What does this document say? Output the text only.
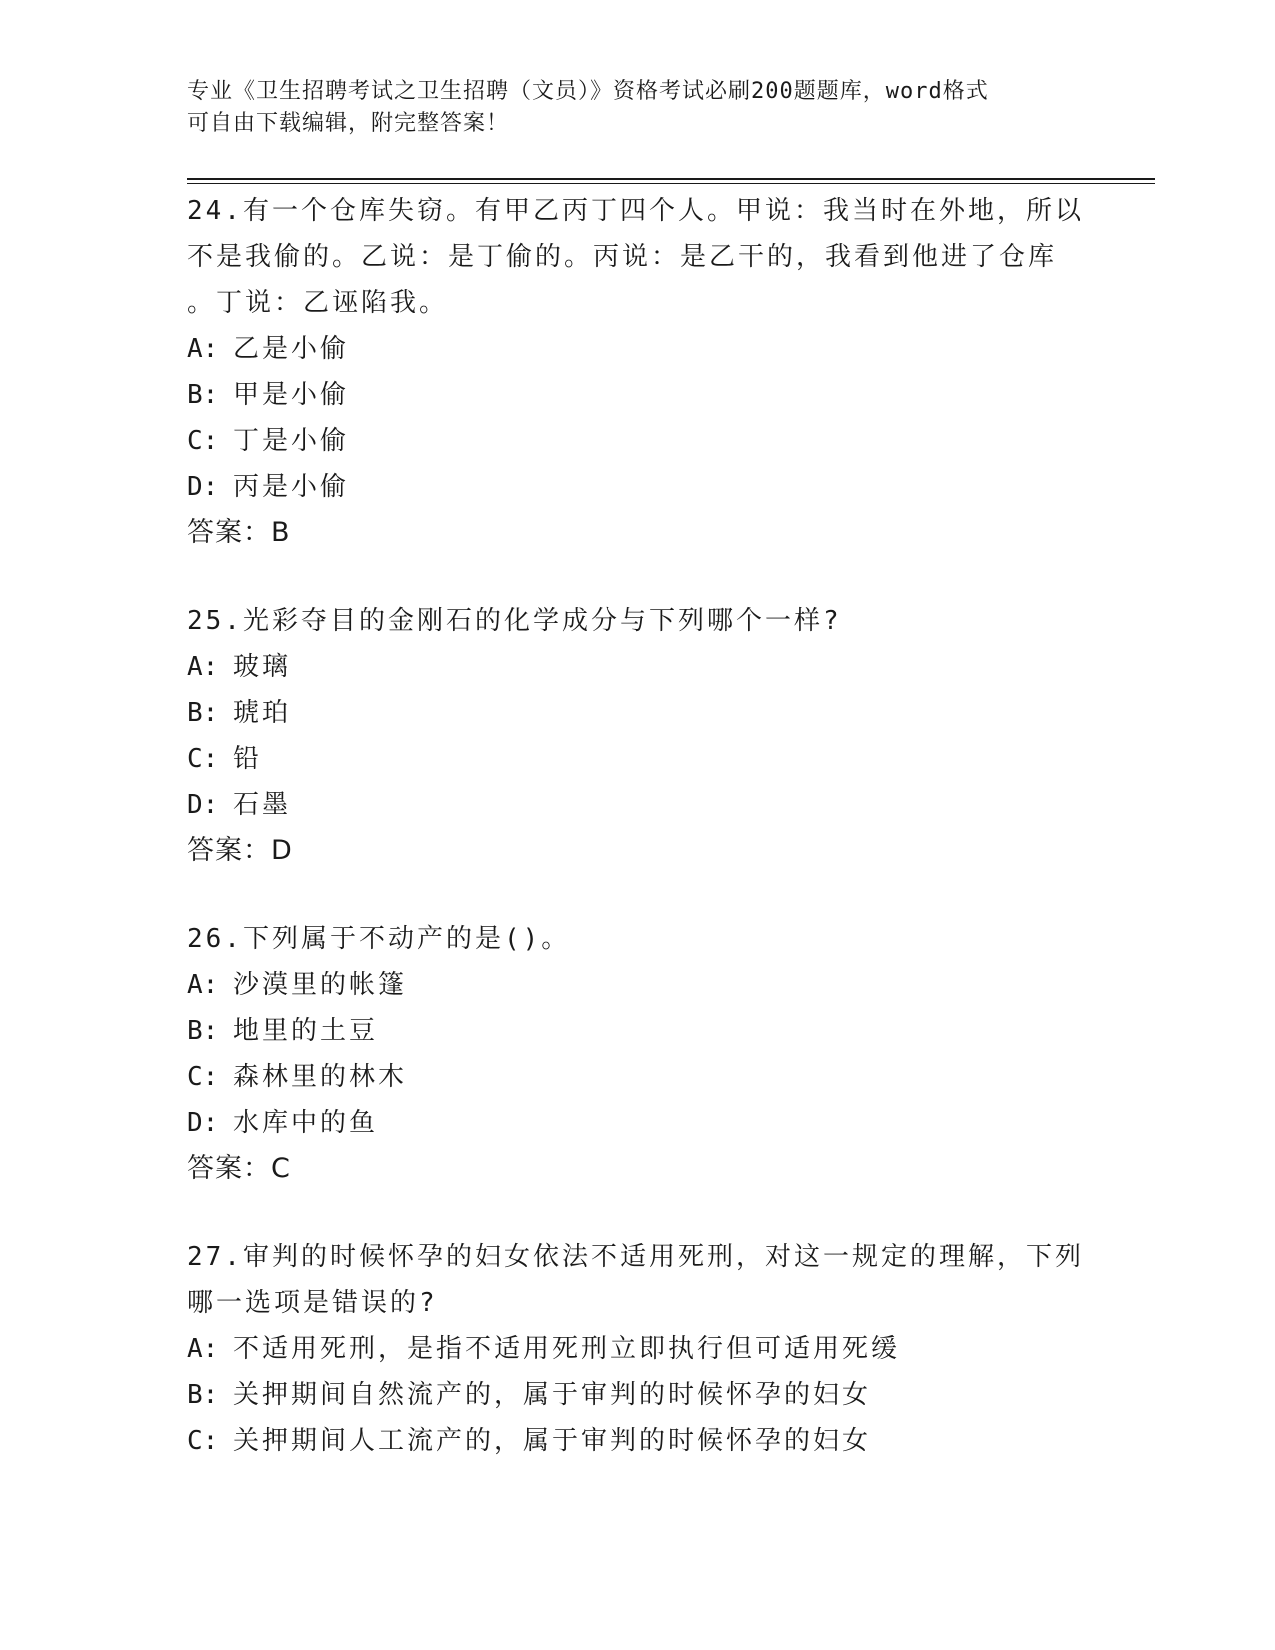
专业《卫生招聘考试之卫生招聘（文员）》资格考试必刷200题题库，word格式
可自由下载编辑，附完整答案！

24.有一个仓库失窃。有甲乙丙丁四个人。甲说：我当时在外地，所以

不是我偷的。乙说：是丁偷的。丙说：是乙干的，我看到他进了仓库

。丁说：乙诬陷我。

A: 乙是小偷
B: 甲是小偷
C: 丁是小偷
D: 丙是小偷

答案：B

25.光彩夺目的金刚石的化学成分与下列哪个一样?

A: 玻璃
B: 琥珀
C: 铅
D: 石墨

答案：D

26.下列属于不动产的是()。

A: 沙漠里的帐篷
B: 地里的土豆
C: 森林里的林木
D: 水库中的鱼

答案：C

27.审判的时候怀孕的妇女依法不适用死刑，对这一规定的理解，下列

哪一选项是错误的?

A: 不适用死刑，是指不适用死刑立即执行但可适用死缓
B: 关押期间自然流产的，属于审判的时候怀孕的妇女
C: 关押期间人工流产的，属于审判的时候怀孕的妇女
